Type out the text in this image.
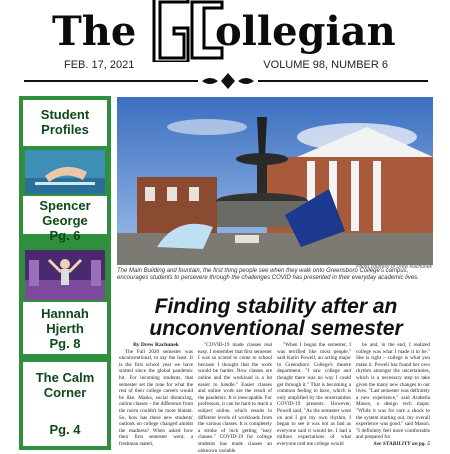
The ollegian
FEB. 17, 2021	VOLUME 98, NUMBER 6
Student Profiles
Spencer George
Pg. 6
Hannah Hjerth
Pg. 8
The Calm Corner
Pg. 4
Photo courtesy of Drew Rachunek
The Main Building and fountain, the first thing people see when they walk onto Greensboro College's campus, encourages students to persevere through the challenges COVID has presented in their everyday academic lives.
Finding stability after an unconventional semester

By Drew Rachunek

The Fall 2020 semester was unconventional, to say the least. It is the first school year we have started since the global pandemic hit. For incoming students, that semester set the tone for what the rest of their college careers would be like. Masks, social distancing, online classes – the difference from the norm couldn't be more blatant. So, how has these new students' outlook on college changed amidst the madness? When asked how their first semester went, a freshman stated,

"COVID-19 made classes real easy. I remember that first semester I was so scared to come to school because I thought that the work would be harder. Now classes are online and the workload is a lot easier to handle." Easier classes and online work are the result of the pandemic. It is inescapable. For professors, it can be hard to teach a subject online, which results in different levels of workloads from the various classes. It is completely a stroke of luck getting "easy classes." COVID-19 for college students has made classes an unknown variable.

"When I began the semester, I was terrified like most people," said Karin Powell, an acting major in Greensboro College's theatre department. "I saw college and thought there was no way I could get through it." That is becoming a common feeling to have, which is only amplified by the uncertainties COVID-19 presents. However, Powell said, "As the semester went on and I got my own rhythm, I began to see it was not as bad as everyone said it would be. I had a million expectations of what everyone told me college would

be and, in the end, I realized college was what I made it to be." She is right – college is what you make it. Powell has found her own rhythm amongst the uncertainties, which is a necessary step to take given the many new changes to our lives. "Last semester was definitely a new experience," said Arabella Mason, a design tech major. "While it was for sure a shock to the system starting out, my overall experience was good." said Mason. "I definitely feel more comfortable and prepared for

See STABILITY on pg. 5
